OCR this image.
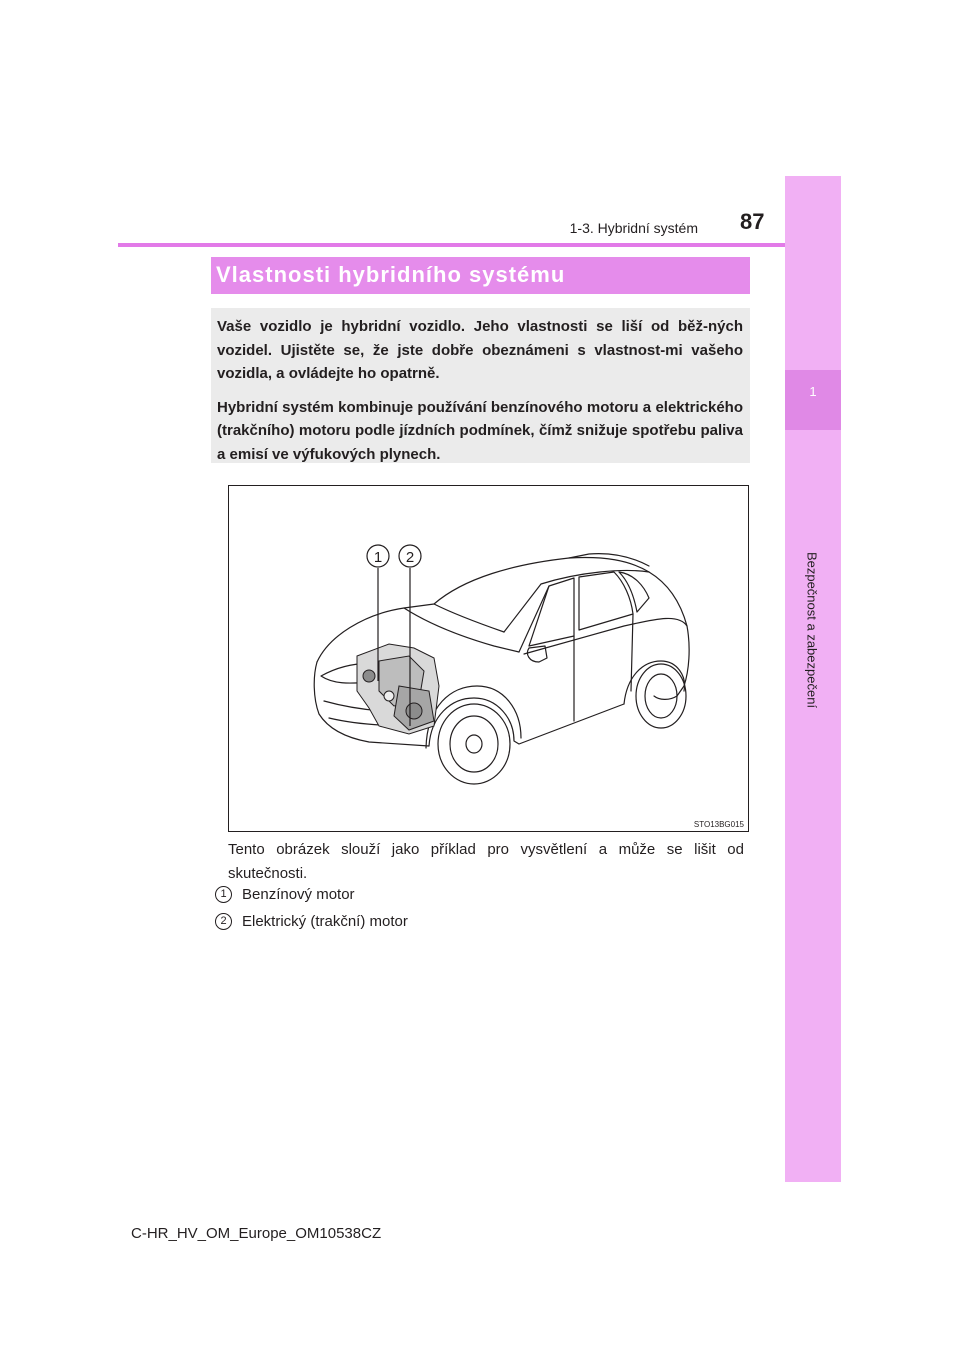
1
Bezpečnost a zabezpečení
1-3. Hybridní systém 87
Vlastnosti hybridního systému

Vaše vozidlo je hybridní vozidlo. Jeho vlastnosti se liší od běž-ných vozidel. Ujistěte se, že jste dobře obeznámeni s vlastnost-mi vašeho vozidla, a ovládejte ho opatrně.

Hybridní systém kombinuje používání benzínového motoru a elektrického (trakčního) motoru podle jízdních podmínek, čímž snižuje spotřebu paliva a emisí ve výfukových plynech.

1 2
STO13BG015
Tento obrázek slouží jako příklad pro vysvětlení a může se lišit od skutečnosti.
1	Benzínový motor
2	Elektrický (trakční) motor
C-HR_HV_OM_Europe_OM10538CZ
